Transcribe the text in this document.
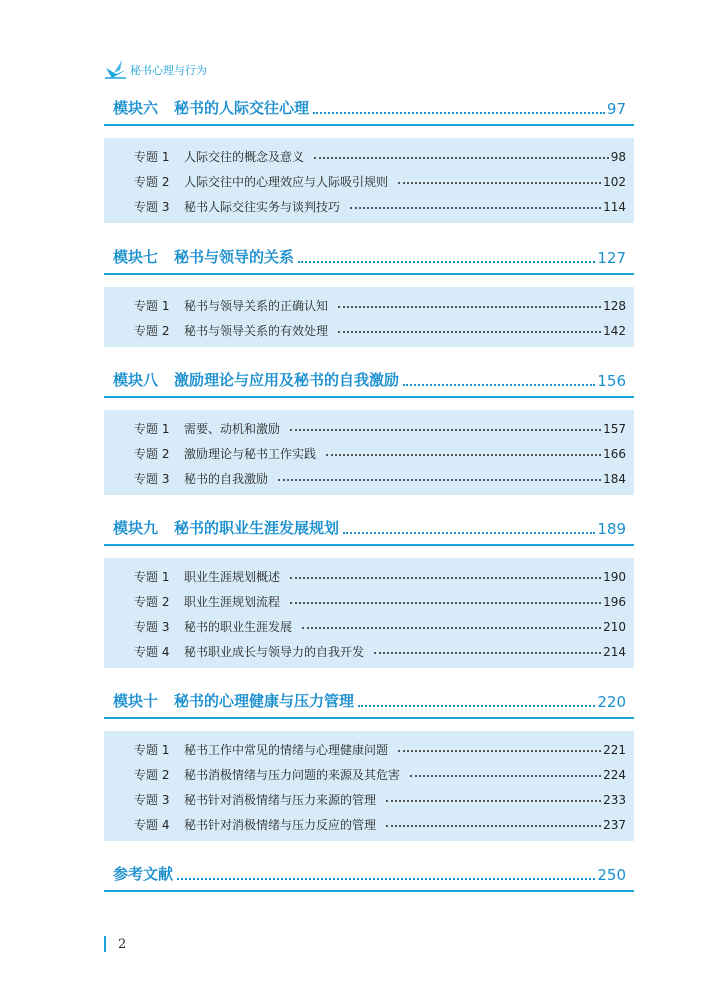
秘书心理与行为
模块六 秘书的人际交往心理	97
专题 1	人际交往的概念及意义	98
专题 2	人际交往中的心理效应与人际吸引规则	102
专题 3	秘书人际交往实务与谈判技巧	114
模块七 秘书与领导的关系	127
专题 1	秘书与领导关系的正确认知	128
专题 2	秘书与领导关系的有效处理	142
模块八 激励理论与应用及秘书的自我激励	156
专题 1	需要、动机和激励	157
专题 2	激励理论与秘书工作实践	166
专题 3	秘书的自我激励	184
模块九 秘书的职业生涯发展规划	189
专题 1	职业生涯规划概述	190
专题 2	职业生涯规划流程	196
专题 3	秘书的职业生涯发展	210
专题 4	秘书职业成长与领导力的自我开发	214
模块十 秘书的心理健康与压力管理	220
专题 1	秘书工作中常见的情绪与心理健康问题	221
专题 2	秘书消极情绪与压力问题的来源及其危害	224
专题 3	秘书针对消极情绪与压力来源的管理	233
专题 4	秘书针对消极情绪与压力反应的管理	237
参考文献	250
2
